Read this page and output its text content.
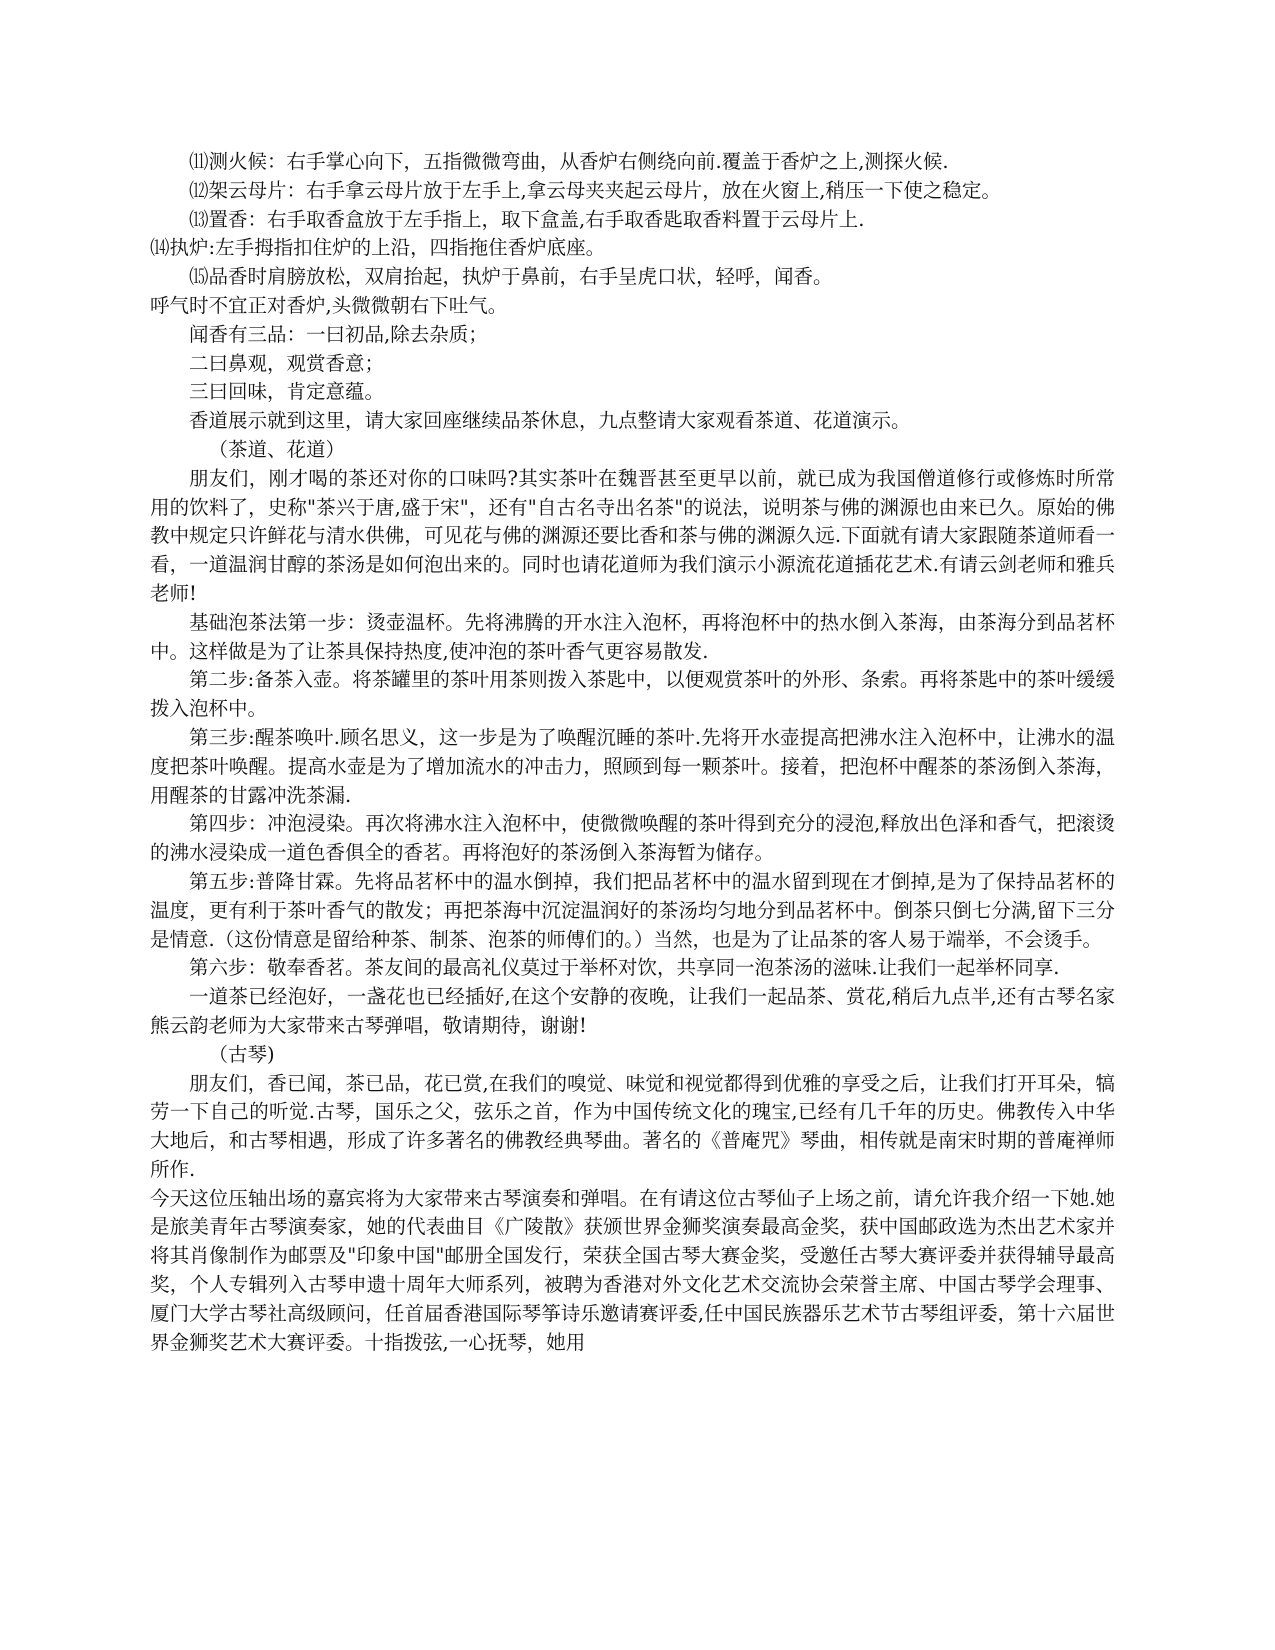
⑾测火候：右手掌心向下，五指微微弯曲，从香炉右侧绕向前.覆盖于香炉之上,测探火候.

⑿架云母片：右手拿云母片放于左手上,拿云母夹夹起云母片，放在火窗上,稍压一下使之稳定。

⒀置香：右手取香盒放于左手指上，取下盒盖,右手取香匙取香料置于云母片上.

⒁执炉:左手拇指扣住炉的上沿，四指拖住香炉底座。

⒂品香时肩膀放松，双肩抬起，执炉于鼻前，右手呈虎口状，轻呼，闻香。

呼气时不宜正对香炉,头微微朝右下吐气。

闻香有三品：一曰初品,除去杂质；

二曰鼻观，观赏香意；

三曰回味，肯定意蕴。

香道展示就到这里，请大家回座继续品茶休息，九点整请大家观看茶道、花道演示。

（茶道、花道）

朋友们，刚才喝的茶还对你的口味吗?其实茶叶在魏晋甚至更早以前，就已成为我国僧道修行或修炼时所常用的饮料了，史称"茶兴于唐,盛于宋"，还有"自古名寺出名茶"的说法，说明茶与佛的渊源也由来已久。原始的佛教中规定只许鲜花与清水供佛，可见花与佛的渊源还要比香和茶与佛的渊源久远.下面就有请大家跟随茶道师看一看，一道温润甘醇的茶汤是如何泡出来的。同时也请花道师为我们演示小源流花道插花艺术.有请云剑老师和雅兵老师!

基础泡茶法第一步：烫壶温杯。先将沸腾的开水注入泡杯，再将泡杯中的热水倒入茶海，由茶海分到品茗杯中。这样做是为了让茶具保持热度,使冲泡的茶叶香气更容易散发.

第二步:备茶入壶。将茶罐里的茶叶用茶则拨入茶匙中，以便观赏茶叶的外形、条索。再将茶匙中的茶叶缓缓拨入泡杯中。

第三步:醒茶唤叶.顾名思义，这一步是为了唤醒沉睡的茶叶.先将开水壶提高把沸水注入泡杯中，让沸水的温度把茶叶唤醒。提高水壶是为了增加流水的冲击力，照顾到每一颗茶叶。接着，把泡杯中醒茶的茶汤倒入茶海，用醒茶的甘露冲洗茶漏.

第四步：冲泡浸染。再次将沸水注入泡杯中，使微微唤醒的茶叶得到充分的浸泡,释放出色泽和香气，把滚烫的沸水浸染成一道色香俱全的香茗。再将泡好的茶汤倒入茶海暂为储存。

第五步:普降甘霖。先将品茗杯中的温水倒掉，我们把品茗杯中的温水留到现在才倒掉,是为了保持品茗杯的温度，更有利于茶叶香气的散发；再把茶海中沉淀温润好的茶汤均匀地分到品茗杯中。倒茶只倒七分满,留下三分是情意.（这份情意是留给种茶、制茶、泡茶的师傅们的。）当然，也是为了让品茶的客人易于端举，不会烫手。

第六步：敬奉香茗。茶友间的最高礼仪莫过于举杯对饮，共享同一泡茶汤的滋味.让我们一起举杯同享.

一道茶已经泡好，一盏花也已经插好,在这个安静的夜晚，让我们一起品茶、赏花,稍后九点半,还有古琴名家熊云韵老师为大家带来古琴弹唱，敬请期待，谢谢!

（古琴)

朋友们，香已闻，茶已品，花已赏,在我们的嗅觉、味觉和视觉都得到优雅的享受之后，让我们打开耳朵，犒劳一下自己的听觉.古琴，国乐之父，弦乐之首，作为中国传统文化的瑰宝,已经有几千年的历史。佛教传入中华大地后，和古琴相遇，形成了许多著名的佛教经典琴曲。著名的《普庵咒》琴曲，相传就是南宋时期的普庵禅师所作.

今天这位压轴出场的嘉宾将为大家带来古琴演奏和弹唱。在有请这位古琴仙子上场之前，请允许我介绍一下她.她是旅美青年古琴演奏家，她的代表曲目《广陵散》获颁世界金狮奖演奏最高金奖，获中国邮政选为杰出艺术家并将其肖像制作为邮票及"印象中国"邮册全国发行，荣获全国古琴大赛金奖，受邀任古琴大赛评委并获得辅导最高奖，个人专辑列入古琴申遗十周年大师系列，被聘为香港对外文化艺术交流协会荣誉主席、中国古琴学会理事、厦门大学古琴社高级顾问，任首届香港国际琴筝诗乐邀请赛评委,任中国民族器乐艺术节古琴组评委，第十六届世界金狮奖艺术大赛评委。十指拨弦,一心抚琴，她用
